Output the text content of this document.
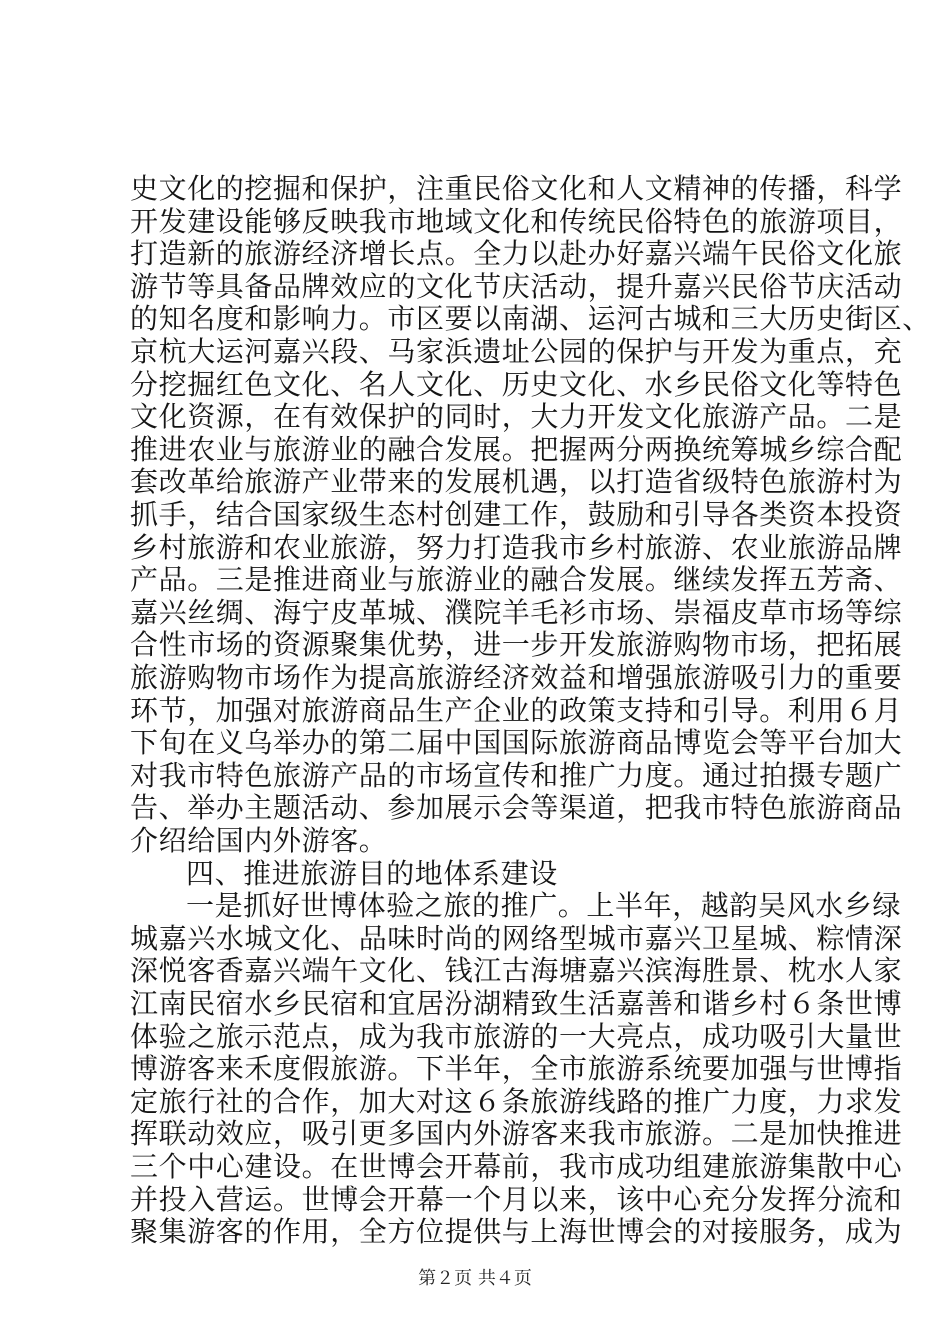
史文化的挖掘和保护，注重民俗文化和人文精神的传播，科学
开发建设能够反映我市地域文化和传统民俗特色的旅游项目，
打造新的旅游经济增长点。全力以赴办好嘉兴端午民俗文化旅
游节等具备品牌效应的文化节庆活动，提升嘉兴民俗节庆活动
的知名度和影响力。市区要以南湖、运河古城和三大历史街区、
京杭大运河嘉兴段、马家浜遗址公园的保护与开发为重点，充
分挖掘红色文化、名人文化、历史文化、水乡民俗文化等特色
文化资源，在有效保护的同时，大力开发文化旅游产品。二是
推进农业与旅游业的融合发展。把握两分两换统筹城乡综合配
套改革给旅游产业带来的发展机遇，以打造省级特色旅游村为
抓手，结合国家级生态村创建工作，鼓励和引导各类资本投资
乡村旅游和农业旅游，努力打造我市乡村旅游、农业旅游品牌
产品。三是推进商业与旅游业的融合发展。继续发挥五芳斋、
嘉兴丝绸、海宁皮革城、濮院羊毛衫市场、崇福皮草市场等综
合性市场的资源聚集优势，进一步开发旅游购物市场，把拓展
旅游购物市场作为提高旅游经济效益和增强旅游吸引力的重要
环节，加强对旅游商品生产企业的政策支持和引导。利用６月
下旬在义乌举办的第二届中国国际旅游商品博览会等平台加大
对我市特色旅游产品的市场宣传和推广力度。通过拍摄专题广
告、举办主题活动、参加展示会等渠道，把我市特色旅游商品
介绍给国内外游客。
四、推进旅游目的地体系建设
一是抓好世博体验之旅的推广。上半年，越韵吴风水乡绿
城嘉兴水城文化、品味时尚的网络型城市嘉兴卫星城、粽情深
深悦客香嘉兴端午文化、钱江古海塘嘉兴滨海胜景、枕水人家
江南民宿水乡民宿和宜居汾湖精致生活嘉善和谐乡村６条世博
体验之旅示范点，成为我市旅游的一大亮点，成功吸引大量世
博游客来禾度假旅游。下半年，全市旅游系统要加强与世博指
定旅行社的合作，加大对这６条旅游线路的推广力度，力求发
挥联动效应，吸引更多国内外游客来我市旅游。二是加快推进
三个中心建设。在世博会开幕前，我市成功组建旅游集散中心
并投入营运。世博会开幕一个月以来，该中心充分发挥分流和
聚集游客的作用，全方位提供与上海世博会的对接服务，成为
第２页 共４页
